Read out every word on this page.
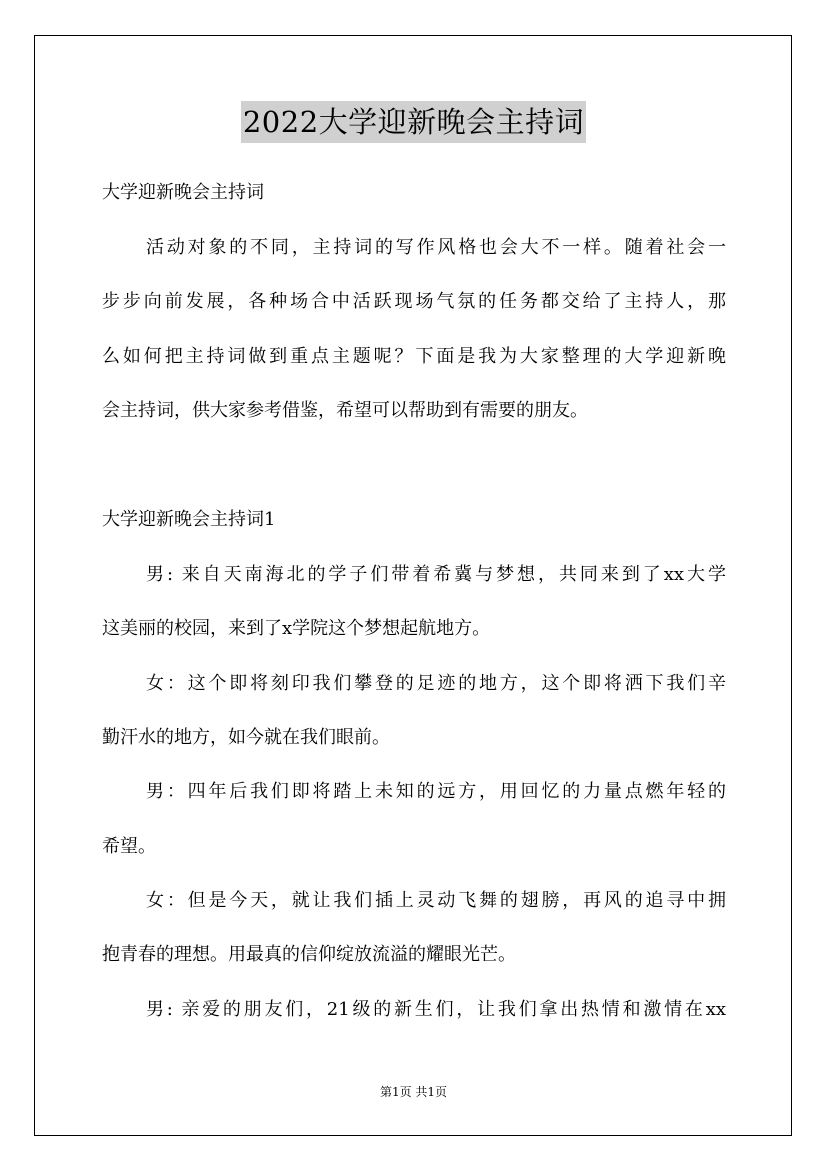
2022大学迎新晚会主持词
大学迎新晚会主持词
活动对象的不同，主持词的写作风格也会大不一样。随着社会一
步步向前发展，各种场合中活跃现场气氛的任务都交给了主持人，那
么如何把主持词做到重点主题呢？下面是我为大家整理的大学迎新晚
会主持词，供大家参考借鉴，希望可以帮助到有需要的朋友。
大学迎新晚会主持词1
男: 来自天南海北的学子们带着希冀与梦想，共同来到了xx大学
这美丽的校园，来到了x学院这个梦想起航地方。
女：这个即将刻印我们攀登的足迹的地方，这个即将洒下我们辛
勤汗水的地方，如今就在我们眼前。
男：四年后我们即将踏上未知的远方，用回忆的力量点燃年轻的
希望。
女：但是今天，就让我们插上灵动飞舞的翅膀，再风的追寻中拥
抱青春的理想。用最真的信仰绽放流溢的耀眼光芒。
男: 亲爱的朋友们，21级的新生们，让我们拿出热情和激情在xx
第1页 共1页
